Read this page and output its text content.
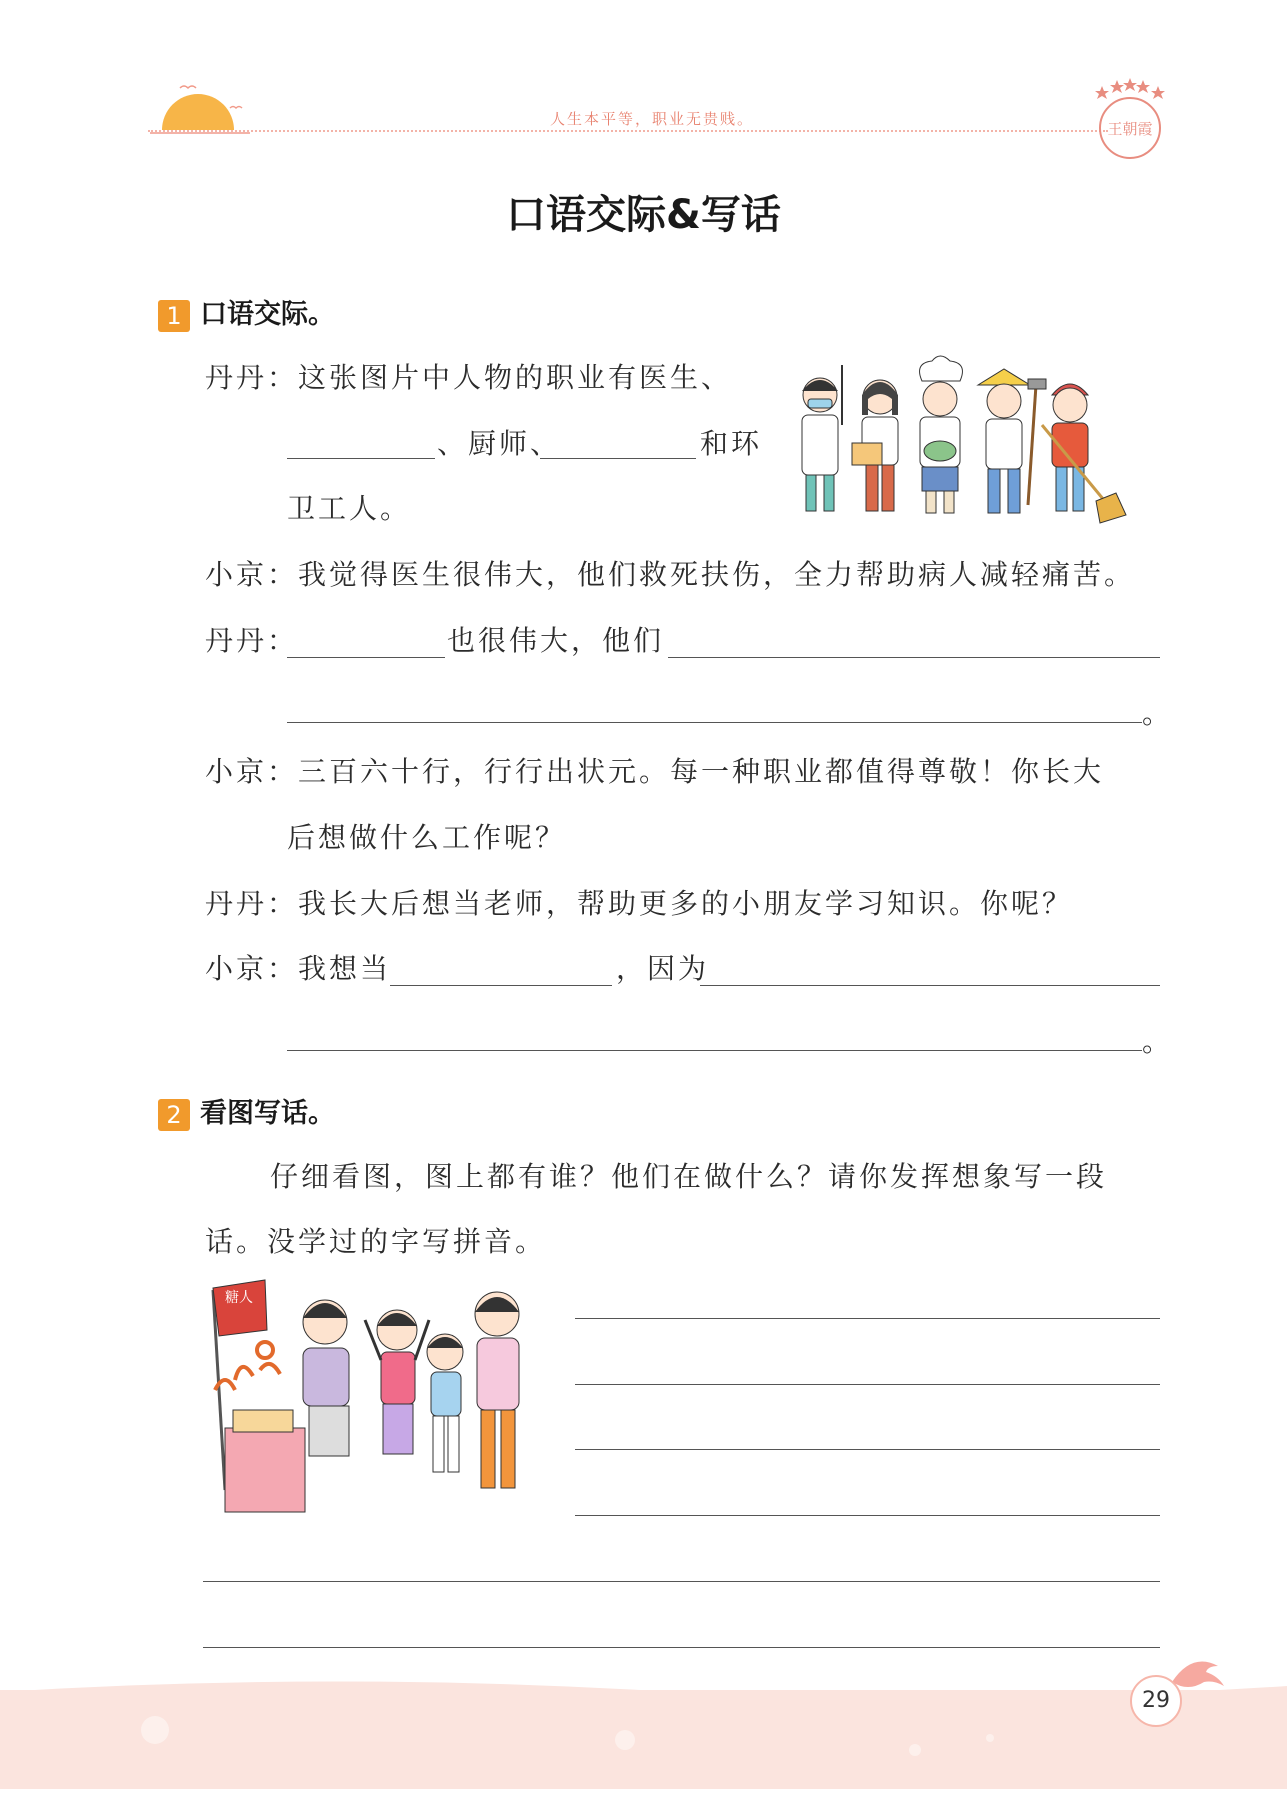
人生本平等，职业无贵贱。
王朝霞
口语交际&写话
1 口语交际。
丹丹：这张图片中人物的职业有医生、
、厨师、	和环
卫工人。
小京：我觉得医生很伟大，他们救死扶伤，全力帮助病人减轻痛苦。
丹丹：	也很伟大，他们
。
小京：三百六十行，行行出状元。每一种职业都值得尊敬！你长大
后想做什么工作呢？
丹丹：我长大后想当老师，帮助更多的小朋友学习知识。你呢？
小京：我想当	，因为
。
2 看图写话。
仔细看图，图上都有谁？他们在做什么？请你发挥想象写一段
话。没学过的字写拼音。
糖人
29
